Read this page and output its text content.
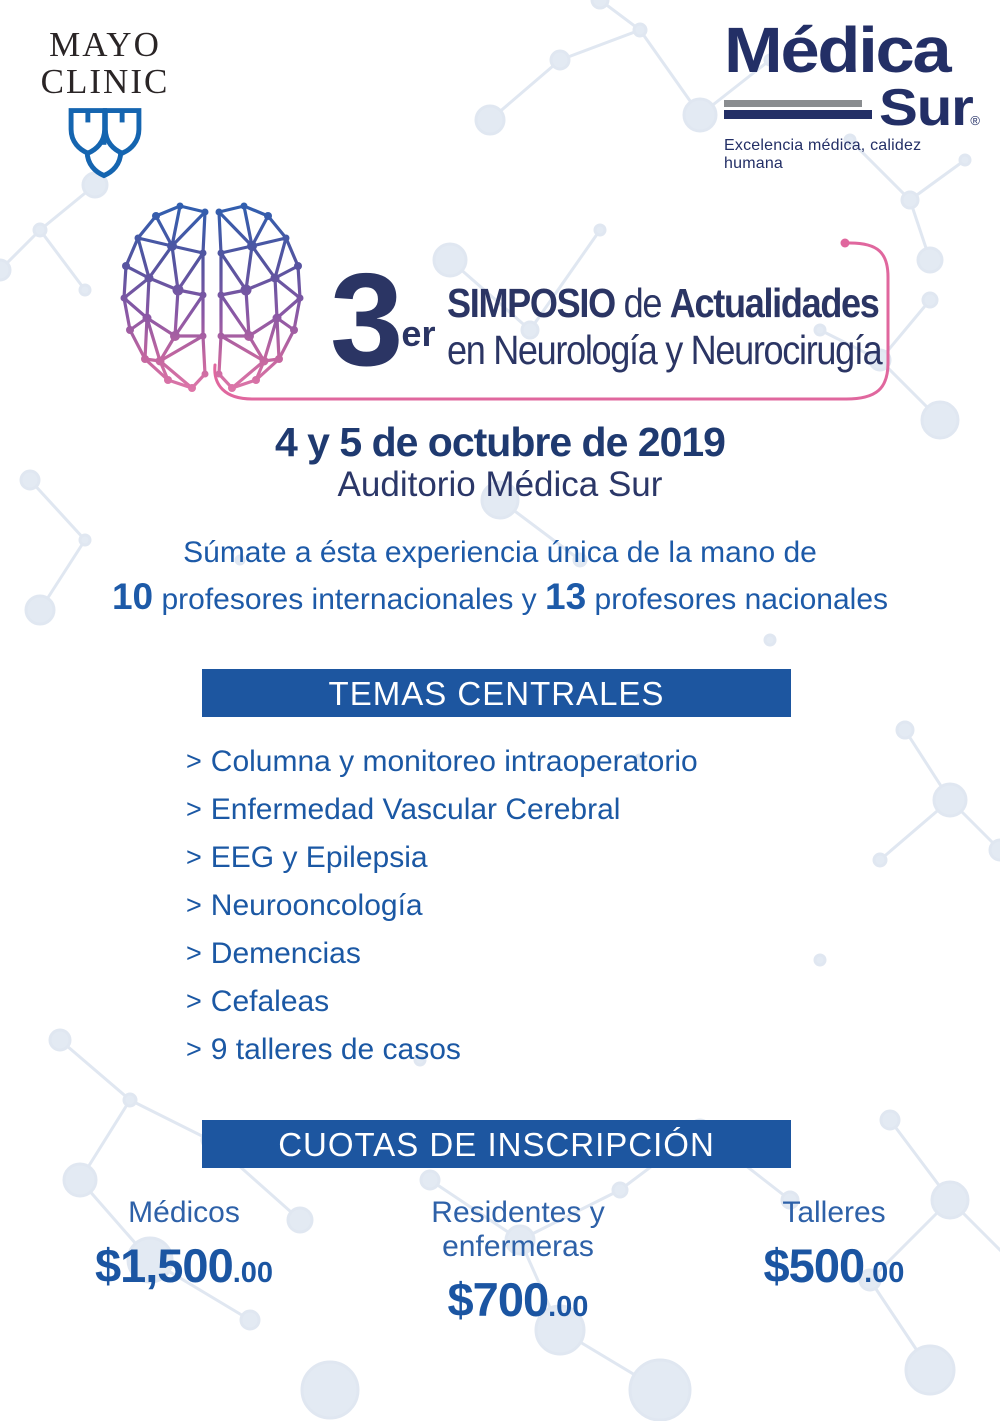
MAYO
CLINIC	Médica
Sur
®
Excelencia médica, calidez humana
3er
SIMPOSIO de Actualidades
en Neurología y Neurocirugía
4 y 5 de octubre de 2019
Auditorio Médica Sur
Súmate a ésta experiencia única de la mano de
10 profesores internacionales y 13 profesores nacionales
TEMAS CENTRALES
> Columna y monitoreo intraoperatorio
> Enfermedad Vascular Cerebral
> EEG y Epilepsia
> Neurooncología
> Demencias
> Cefaleas
> 9 talleres de casos
CUOTAS DE INSCRIPCIÓN
Médicos
$1,500.00
Residentes y enfermeras
$700.00
Talleres
$500.00
